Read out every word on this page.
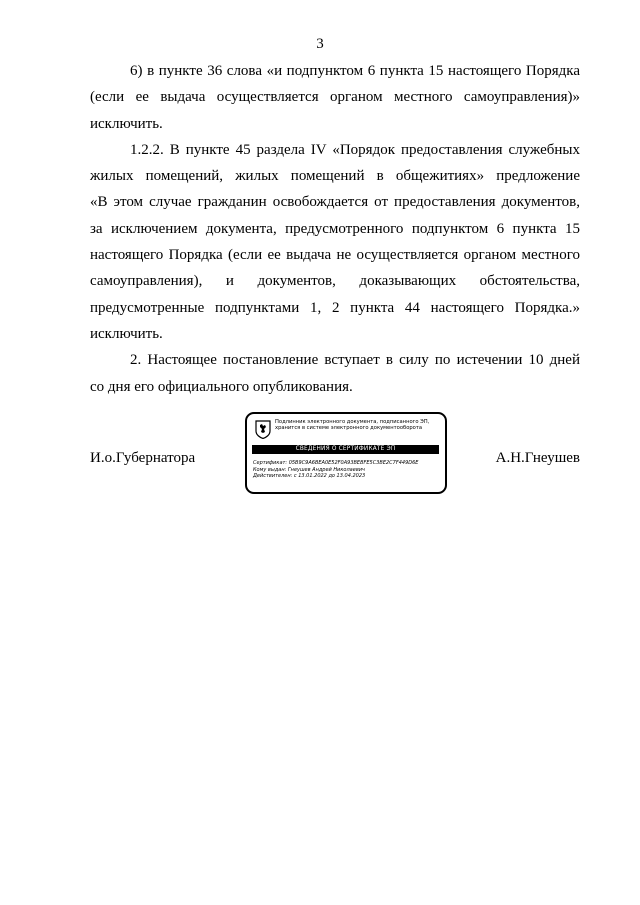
3
6) в пункте 36 слова «и подпунктом 6 пункта 15 настоящего Порядка
(если ее выдача осуществляется органом местного самоуправления)»
исключить.
1.2.2. В пункте 45 раздела IV «Порядок предоставления служебных
жилых помещений, жилых помещений в общежитиях» предложение
«В этом случае гражданин освобождается от предоставления документов,
за исключением документа, предусмотренного подпунктом 6 пункта 15
настоящего Порядка (если ее выдача не осуществляется органом местного
самоуправления), и документов, доказывающих обстоятельства,
предусмотренные подпунктами 1, 2 пункта 44 настоящего Порядка.»
исключить.
2. Настоящее постановление вступает в силу по истечении 10 дней
со дня его официального опубликования.
И.о.Губернатора
Подлинник электронного документа, подписанного ЭП,
хранится в системе электронного документооборота
СВЕДЕНИЯ О СЕРТИФИКАТЕ ЭП
Сертификат: 05B9C9A6BEA0E52F0A93BEBFE5C3BE2C7F449D6E
Кому выдан: Гнеушев Андрей Николаевич
Действителен: с 13.01.2022 до 13.04.2023
А.Н.Гнеушев
